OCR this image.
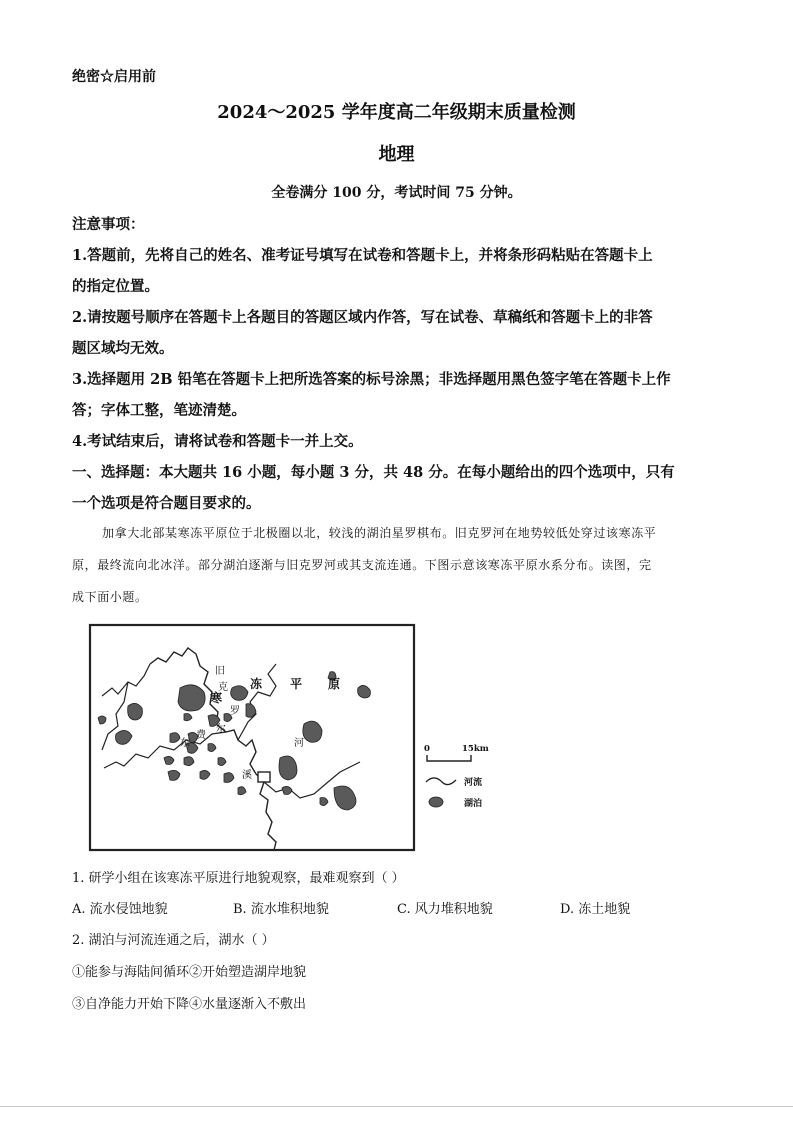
绝密☆启用前
2024～2025 学年度高二年级期末质量检测
地理
全卷满分 100 分，考试时间 75 分钟。
注意事项：
1.答题前，先将自己的姓名、准考证号填写在试卷和答题卡上，并将条形码粘贴在答题卡上
的指定位置。
2.请按题号顺序在答题卡上各题目的答题区域内作答，写在试卷、草稿纸和答题卡上的非答
题区域均无效。
3.选择题用 2B 铅笔在答题卡上把所选答案的标号涂黑；非选择题用黑色签字笔在答题卡上作
答；字体工整，笔迹清楚。
4.考试结束后，请将试卷和答题卡一并上交。
一、选择题：本大题共 16 小题，每小题 3 分，共 48 分。在每小题给出的四个选项中，只有
一个选项是符合题目要求的。
加拿大北部某寒冻平原位于北极圈以北，较浅的湖泊星罗棋布。旧克罗河在地势较低处穿过该寒冻平
原，最终流向北冰洋。部分湖泊逐渐与旧克罗河或其支流连通。下图示意该寒冻平原水系分布。读图，完
成下面小题。
旧
克
罗
河
寒
冻 平 原
东
费
尔
溪
0	15km
河流
湖泊
1. 研学小组在该寒冻平原进行地貌观察，最难观察到（ ）
A. 流水侵蚀地貌	B. 流水堆积地貌	C. 风力堆积地貌	D. 冻土地貌
2. 湖泊与河流连通之后，湖水（ ）
①能参与海陆间循环②开始塑造湖岸地貌
③自净能力开始下降④水量逐渐入不敷出
